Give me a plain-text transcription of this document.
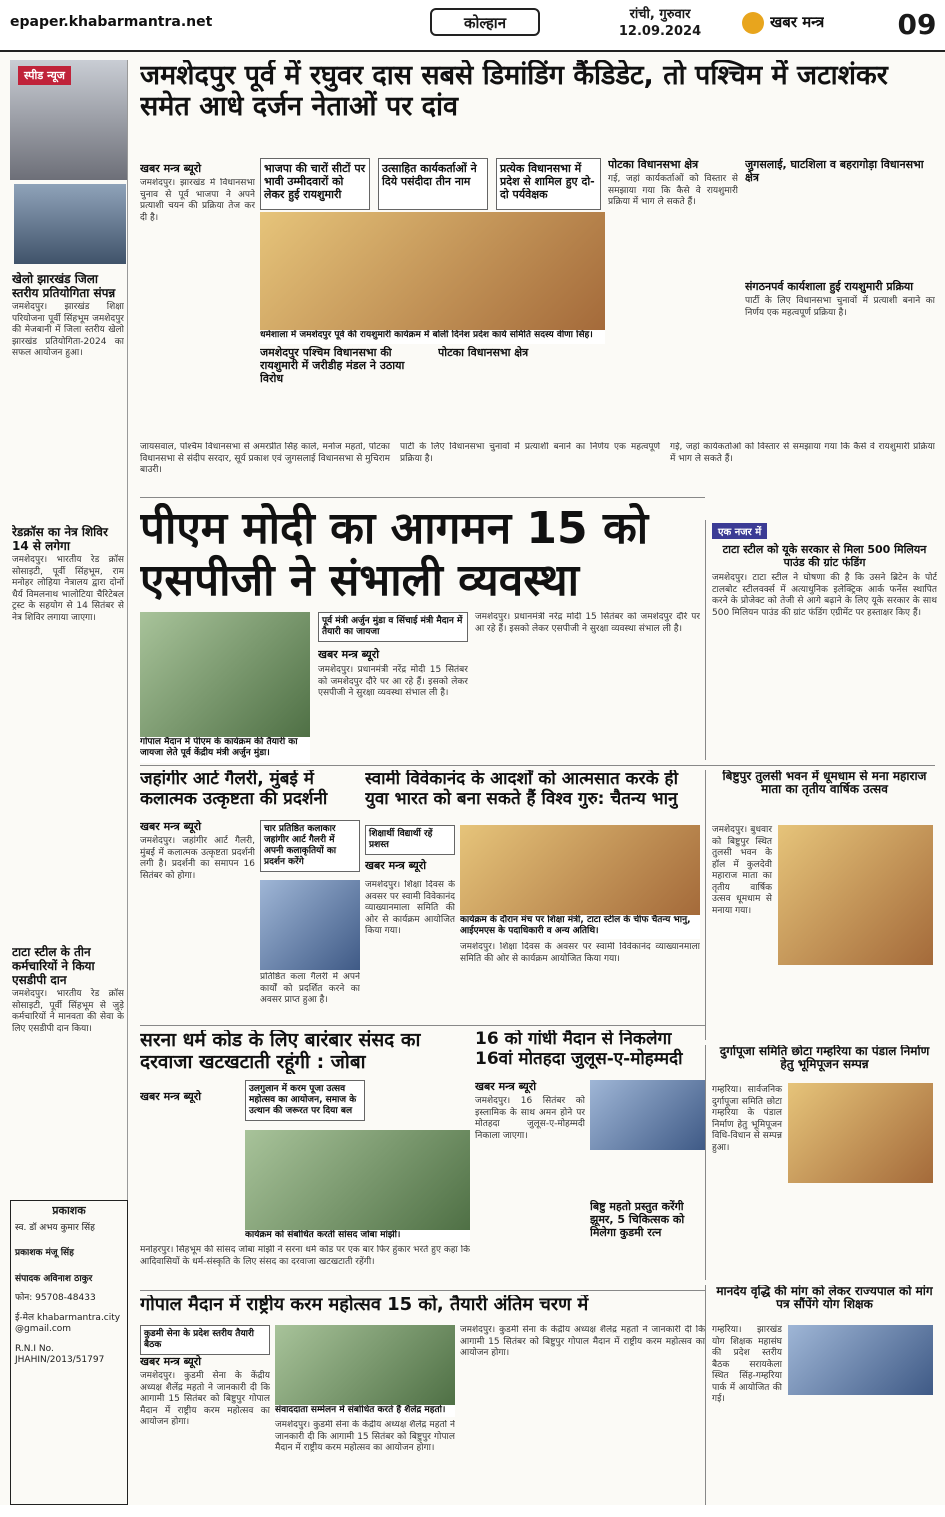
epaper.khabarmantra.net	कोल्हान	रांची, गुरुवार
12.09.2024
खबर मन्त्र	09
स्पीड न्यूज
खेलो झारखंड जिला स्तरीय प्रतियोगिता संपन्न
जमशेदपुर। झारखंड शिक्षा परियोजना पूर्वी सिंहभूम जमशेदपुर की मेजबानी में जिला स्तरीय खेलो झारखंड प्रतियोगिता-2024 का सफल आयोजन हुआ।
रेडक्रॉस का नेत्र शिविर 14 से लगेगा
जमशेदपुर। भारतीय रेड क्रॉस सोसाइटी, पूर्वी सिंहभूम, राम मनोहर लोहिया नेत्रालय द्वारा दोनों धैर्य विमलनाथ भालोटिया चैरिटेबल ट्रस्ट के सहयोग से 14 सितंबर से नेत्र शिविर लगाया जाएगा।
टाटा स्टील के तीन कर्मचारियों ने किया एसडीपी दान
जमशेदपुर। भारतीय रेड क्रॉस सोसाइटी, पूर्वी सिंहभूम से जुड़े कर्मचारियों ने मानवता की सेवा के लिए एसडीपी दान किया।
प्रकाशक
स्व. डॉ अभय कुमार सिंह
प्रकाशक मंजू सिंह
संपादक अविनाश ठाकुर
फोन: 95708-48433
ई-मेल khabarmantra.city@gmail.com
R.N.I No. JHAHIN/2013/51797
जमशेदपुर पूर्व में रघुवर दास सबसे डिमांडिंग कैंडिडेट, तो पश्चिम में जटाशंकर समेत आधे दर्जन नेताओं पर दांव
भाजपा की चारों सीटों पर भावी उम्मीदवारों को लेकर हुई रायशुमारी
उत्साहित कार्यकर्ताओं ने दिये पसंदीदा तीन नाम
प्रत्येक विधानसभा में प्रदेश से शामिल हुए दो-दो पर्यवेक्षक
खबर मन्त्र ब्यूरो
जमशेदपुर। झारखंड में विधानसभा चुनाव से पूर्व भाजपा ने अपने प्रत्याशी चयन की प्रक्रिया तेज कर दी है।
धर्मशाला में जमशेदपुर पूर्व की रायशुमारी कार्यक्रम में बोलीं दिनेश प्रदेश कार्य समिति सदस्य वीणा सिंह।
जमशेदपुर पश्चिम विधानसभा की रायशुमारी में जरीडीह मंडल ने उठाया विरोध
पोटका विधानसभा क्षेत्र
पोटका विधानसभा क्षेत्र
गई, जहां कार्यकर्ताओं को विस्तार से समझाया गया कि कैसे वे रायशुमारी प्रक्रिया में भाग ले सकते हैं।
जुगसलाई, घाटशिला व बहरागोड़ा विधानसभा क्षेत्र
संगठनपर्व कार्यशाला हुई रायशुमारी प्रक्रिया
पार्टी के लिए विधानसभा चुनावों में प्रत्याशी बनाने का निर्णय एक महत्वपूर्ण प्रक्रिया है।
जायसवाल, पश्चिम विधानसभा से अमरप्रीत सिंह काले, मनोज महतो, पोटका विधानसभा से संदीप सरदार, सूर्य प्रकाश एवं जुगसलाई विधानसभा से मुचिराम बाउरी।
पार्टी के लिए विधानसभा चुनावों में प्रत्याशी बनाने का निर्णय एक महत्वपूर्ण प्रक्रिया है।
गई, जहां कार्यकर्ताओं को विस्तार से समझाया गया कि कैसे वे रायशुमारी प्रक्रिया में भाग ले सकते हैं।
पीएम मोदी का आगमन 15 को एसपीजी ने संभाली व्यवस्था
गोपाल मैदान में पीएम के कार्यक्रम की तैयारी का जायजा लेते पूर्व केंद्रीय मंत्री अर्जुन मुंडा।
पूर्व मंत्री अर्जुन मुंडा व सिंचाई मंत्री मैदान में तैयारी का जायजा
खबर मन्त्र ब्यूरो
जमशेदपुर। प्रधानमंत्री नरेंद्र मोदी 15 सितंबर को जमशेदपुर दौरे पर आ रहे हैं। इसको लेकर एसपीजी ने सुरक्षा व्यवस्था संभाल ली है।
जमशेदपुर। प्रधानमंत्री नरेंद्र मोदी 15 सितंबर को जमशेदपुर दौरे पर आ रहे हैं। इसको लेकर एसपीजी ने सुरक्षा व्यवस्था संभाल ली है।
एक नजर में
टाटा स्टील को यूके सरकार से मिला 500 मिलियन पाउंड की ग्रांट फंडिंग
जमशेदपुर। टाटा स्टील ने घोषणा की है कि उसने ब्रिटेन के पोर्ट टालबोट स्टीलवर्क्स में अत्याधुनिक इलेक्ट्रिक आर्क फर्नेस स्थापित करने के प्रोजेक्ट को तेजी से आगे बढ़ाने के लिए यूके सरकार के साथ 500 मिलियन पाउंड की ग्रांट फंडिंग एग्रीमेंट पर हस्ताक्षर किए हैं।
जहांगीर आर्ट गैलरी, मुंबई में कलात्मक उत्कृष्टता की प्रदर्शनी
खबर मन्त्र ब्यूरो
जमशेदपुर। जहांगीर आर्ट गैलरी, मुंबई में कलात्मक उत्कृष्टता प्रदर्शनी लगी है। प्रदर्शनी का समापन 16 सितंबर को होगा।
चार प्रतिष्ठित कलाकार जहांगीर आर्ट गैलरी में अपनी कलाकृतियों का प्रदर्शन करेंगे
प्रतिष्ठित कला गैलरी में अपने कार्यों को प्रदर्शित करने का अवसर प्राप्त हुआ है।
स्वामी विवेकानंद के आदर्शों को आत्मसात करके ही युवा भारत को बना सकते हैं विश्व गुरु: चैतन्य भानु
शिक्षार्थी विद्यार्थी रहें प्रशस्त
खबर मन्त्र ब्यूरो
कार्यक्रम के दौरान मंच पर शिक्षा मंत्री, टाटा स्टील के चीफ चैतन्य भानु, आईएमएस के पदाधिकारी व अन्य अतिथि।
जमशेदपुर। शिक्षा दिवस के अवसर पर स्वामी विवेकानंद व्याख्यानमाला समिति की ओर से कार्यक्रम आयोजित किया गया।
जमशेदपुर। शिक्षा दिवस के अवसर पर स्वामी विवेकानंद व्याख्यानमाला समिति की ओर से कार्यक्रम आयोजित किया गया।
बिष्टुपुर तुलसी भवन में धूमधाम से मना महाराज माता का तृतीय वार्षिक उत्सव
जमशेदपुर। बुधवार को बिष्टुपुर स्थित तुलसी भवन के हॉल में कुलदेवी महाराज माता का तृतीय वार्षिक उत्सव धूमधाम से मनाया गया।
सरना धर्म कोड के लिए बारंबार संसद का दरवाजा खटखटाती रहूंगी : जोबा
खबर मन्त्र ब्यूरो
उलगुलान में करम पूजा उत्सव महोत्सव का आयोजन, समाज के उत्थान की जरूरत पर दिया बल
कार्यक्रम को संबोधित करतीं सांसद जोबा मांझी।
मनोहरपुर। सिंहभूम की सांसद जोबा मांझी ने सरना धर्म कोड पर एक बार फिर हुंकार भरते हुए कहा कि आदिवासियों के धर्म-संस्कृति के लिए संसद का दरवाजा खटखटाती रहेंगी।
16 को गांधी मैदान से निकलेगा 16वां मोतहदा जुलूस-ए-मोहम्मदी
खबर मन्त्र ब्यूरो
जमशेदपुर। 16 सितंबर को इस्लामिक के साथ अमन होने पर मोतहदा जुलूस-ए-मोहम्मदी निकाला जाएगा।
बिष्टु महतो प्रस्तुत करेंगी झूमर, 5 चिकित्सक को मिलेगा कुडमी रत्न
दुर्गापूजा समिति छोटा गम्हरिया का पंडाल निर्माण हेतु भूमिपूजन सम्पन्न
गम्हरिया। सार्वजनिक दुर्गापूजा समिति छोटा गम्हरिया के पंडाल निर्माण हेतु भूमिपूजन विधि-विधान से सम्पन्न हुआ।
गोपाल मैदान में राष्ट्रीय करम महोत्सव 15 को, तैयारी अंतिम चरण में
कुडमी सेना के प्रदेश स्तरीय तैयारी बैठक
खबर मन्त्र ब्यूरो
जमशेदपुर। कुडमी सेना के केंद्रीय अध्यक्ष शैलेंद्र महतो ने जानकारी दी कि आगामी 15 सितंबर को बिष्टुपुर गोपाल मैदान में राष्ट्रीय करम महोत्सव का आयोजन होगा।
संवाददाता सम्मेलन में संबोधित करते हैं शैलेंद्र महतो।
जमशेदपुर। कुडमी सेना के केंद्रीय अध्यक्ष शैलेंद्र महतो ने जानकारी दी कि आगामी 15 सितंबर को बिष्टुपुर गोपाल मैदान में राष्ट्रीय करम महोत्सव का आयोजन होगा।
जमशेदपुर। कुडमी सेना के केंद्रीय अध्यक्ष शैलेंद्र महतो ने जानकारी दी कि आगामी 15 सितंबर को बिष्टुपुर गोपाल मैदान में राष्ट्रीय करम महोत्सव का आयोजन होगा।
मानदेय वृद्धि की मांग को लेकर राज्यपाल को मांग पत्र सौंपेंगे योग शिक्षक
गम्हरिया। झारखंड योग शिक्षक महासंघ की प्रदेश स्तरीय बैठक सरायकेला स्थित सिंह-गम्हरिया पार्क में आयोजित की गई।
